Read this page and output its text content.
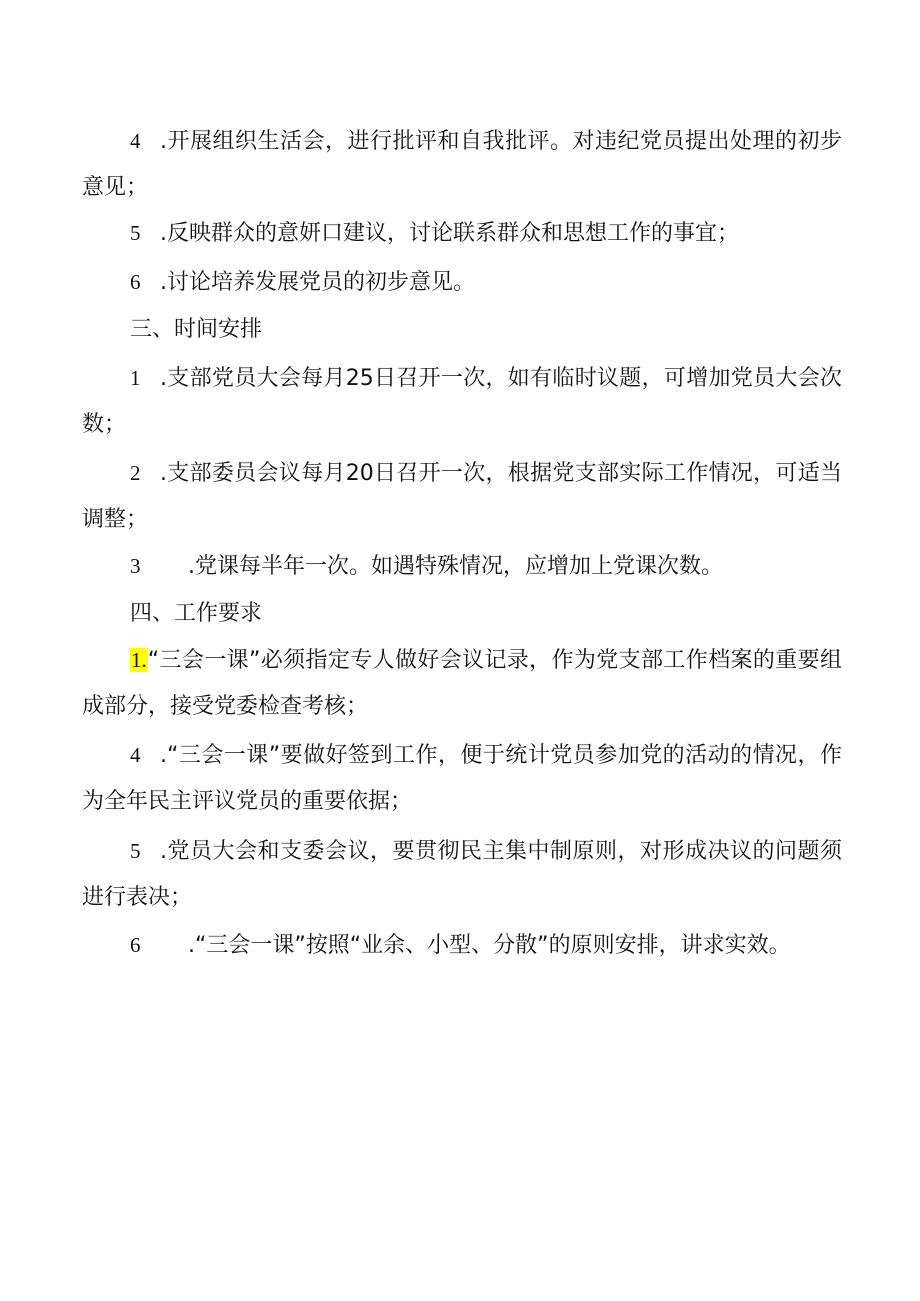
4 .开展组织生活会，进行批评和自我批评。对违纪党员提出处理的初步意见；

5 .反映群众的意妍口建议，讨论联系群众和思想工作的事宜；

6 .讨论培养发展党员的初步意见。

三、时间安排

1 .支部党员大会每月25日召开一次，如有临时议题，可增加党员大会次数；

2 .支部委员会议每月20日召开一次，根据党支部实际工作情况，可适当调整；

3 .党课每半年一次。如遇特殊情况，应增加上党课次数。

四、工作要求

1.“三会一课”必须指定专人做好会议记录，作为党支部工作档案的重要组成部分，接受党委检查考核；

4 .“三会一课”要做好签到工作，便于统计党员参加党的活动的情况，作为全年民主评议党员的重要依据；

5 .党员大会和支委会议，要贯彻民主集中制原则，对形成决议的问题须进行表决；

6 .“三会一课”按照“业余、小型、分散”的原则安排，讲求实效。
